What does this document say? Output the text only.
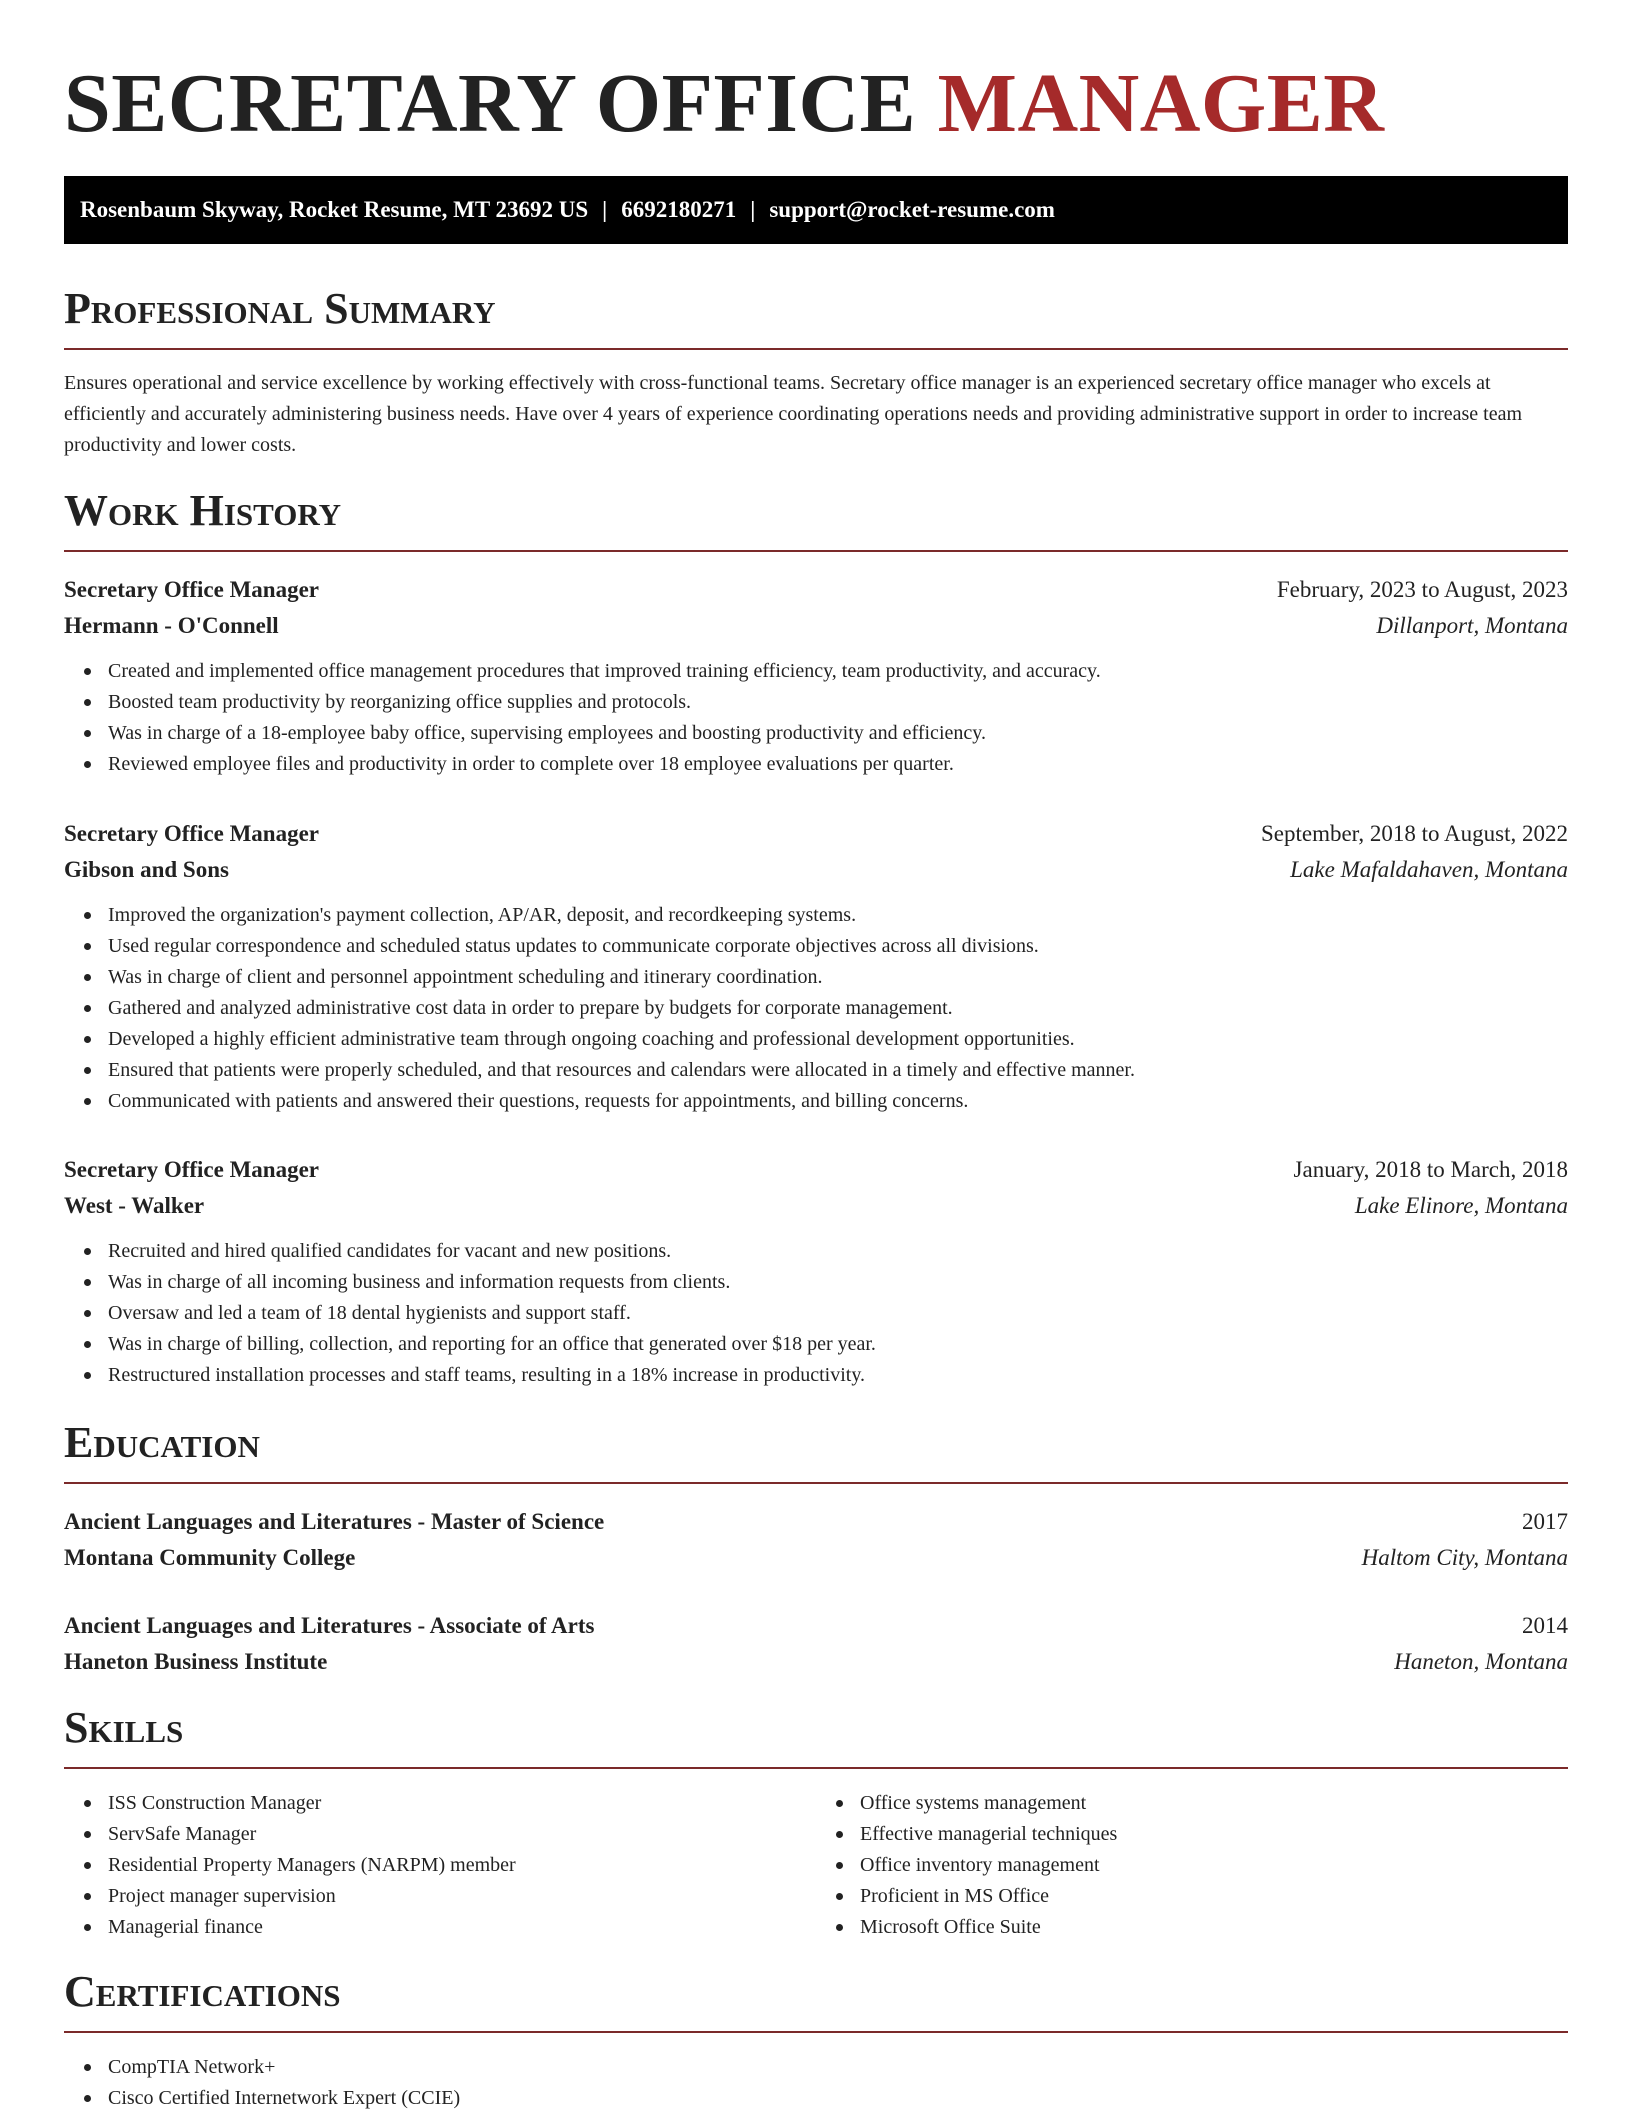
SECRETARY OFFICE MANAGER
Rosenbaum Skyway, Rocket Resume, MT 23692 US | 6692180271 | support@rocket-resume.com
Professional Summary

Ensures operational and service excellence by working effectively with cross-functional teams. Secretary office manager is an experienced secretary office manager who excels at efficiently and accurately administering business needs. Have over 4 years of experience coordinating operations needs and providing administrative support in order to increase team productivity and lower costs.

Work History
Secretary Office Manager	February, 2023 to August, 2023
Hermann - O'Connell	Dillanport, Montana
Created and implemented office management procedures that improved training efficiency, team productivity, and accuracy.
Boosted team productivity by reorganizing office supplies and protocols.
Was in charge of a 18-employee baby office, supervising employees and boosting productivity and efficiency.
Reviewed employee files and productivity in order to complete over 18 employee evaluations per quarter.
Secretary Office Manager	September, 2018 to August, 2022
Gibson and Sons	Lake Mafaldahaven, Montana
Improved the organization's payment collection, AP/AR, deposit, and recordkeeping systems.
Used regular correspondence and scheduled status updates to communicate corporate objectives across all divisions.
Was in charge of client and personnel appointment scheduling and itinerary coordination.
Gathered and analyzed administrative cost data in order to prepare by budgets for corporate management.
Developed a highly efficient administrative team through ongoing coaching and professional development opportunities.
Ensured that patients were properly scheduled, and that resources and calendars were allocated in a timely and effective manner.
Communicated with patients and answered their questions, requests for appointments, and billing concerns.
Secretary Office Manager	January, 2018 to March, 2018
West - Walker	Lake Elinore, Montana
Recruited and hired qualified candidates for vacant and new positions.
Was in charge of all incoming business and information requests from clients.
Oversaw and led a team of 18 dental hygienists and support staff.
Was in charge of billing, collection, and reporting for an office that generated over $18 per year.
Restructured installation processes and staff teams, resulting in a 18% increase in productivity.
Education
Ancient Languages and Literatures - Master of Science	2017
Montana Community College	Haltom City, Montana
Ancient Languages and Literatures - Associate of Arts	2014
Haneton Business Institute	Haneton, Montana
Skills
ISS Construction Manager
ServSafe Manager
Residential Property Managers (NARPM) member
Project manager supervision
Managerial finance
Office systems management
Effective managerial techniques
Office inventory management
Proficient in MS Office
Microsoft Office Suite
Certifications
CompTIA Network+
Cisco Certified Internetwork Expert (CCIE)
